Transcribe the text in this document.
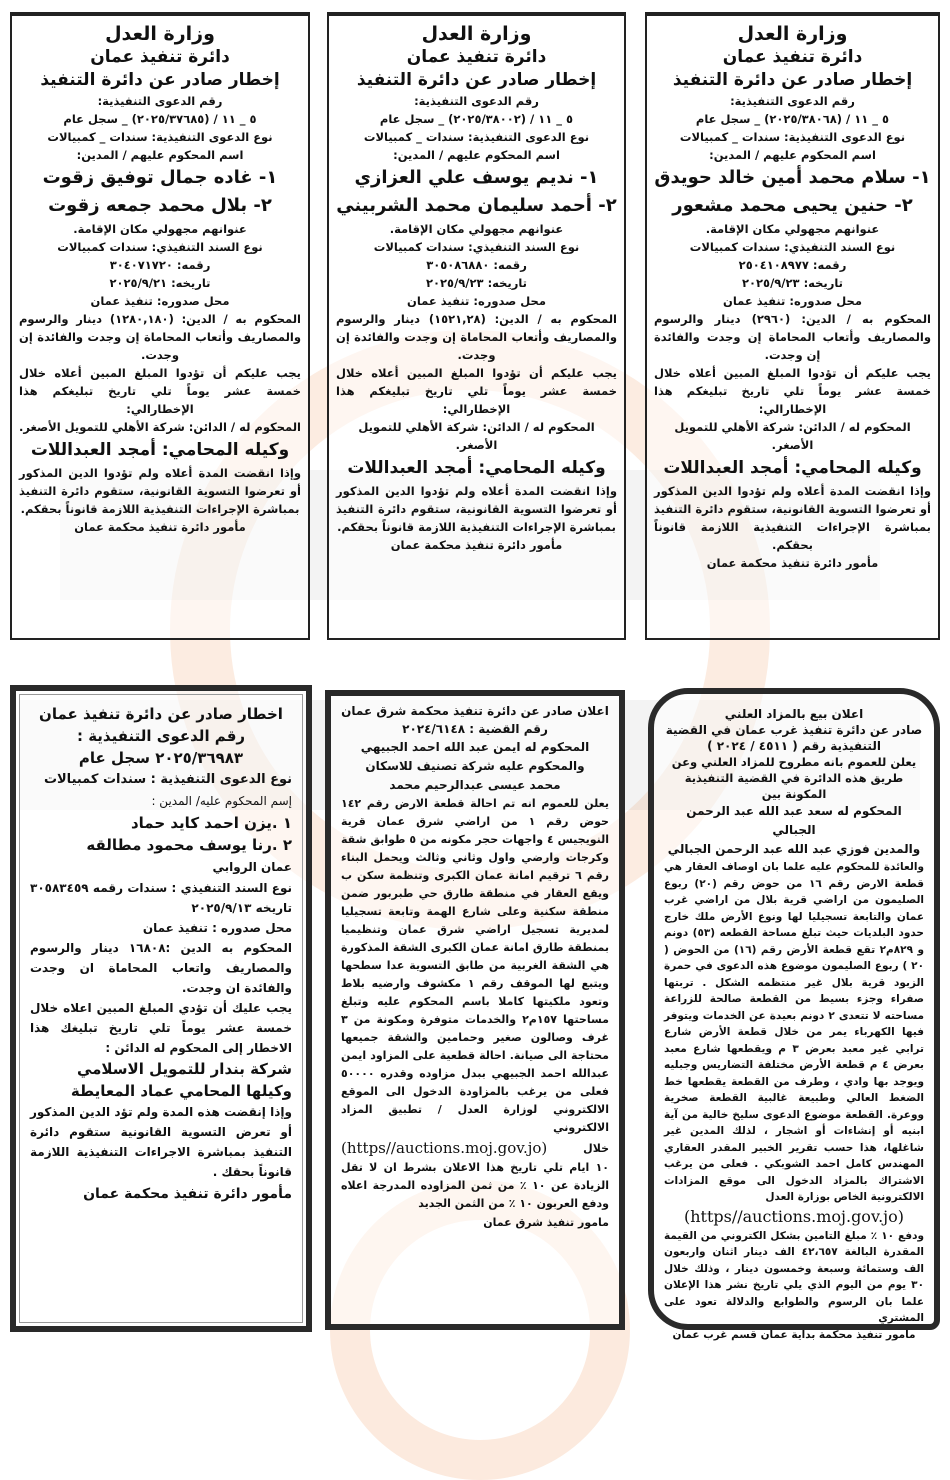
وزارة العدل
دائرة تنفيذ عمان
إخطار صادر عن دائرة التنفيذ
رقم الدعوى التنفيذية:
٥ _ ١١ / (٢٠٢٥/٣٧٦٨٥) _ سجل عام
نوع الدعوى التنفيذية: سندات _ كمبيالات
اسم المحكوم عليهم / المدين:
١- غاده جمال توفيق زقوت
٢- بلال محمد جمعه زقوت
عنوانهم مجهولي مكان الإقامة.
نوع السند التنفيذي: سندات كمبيالات
رقمه: ٣٠٤٠٧١٧٢٠
تاريخه: ٢٠٢٥/٩/٢١
محل صدوره: تنفيذ عمان
المحكوم به / الدين: (١٢٨٠,١٨٠) دينار والرسوم والمصاريف وأتعاب المحاماة إن وجدت والفائدة إن وجدت.
يجب عليكم أن تؤدوا المبلغ المبين أعلاه خلال خمسة عشر يوماً تلي تاريخ تبليغكم هذا الإخطارالي:
المحكوم له / الدائن: شركة الأهلي للتمويل الأصغر.
وكيله المحامي: أمجد العبداللات
وإذا انقضت المدة أعلاه ولم تؤدوا الدين المذكور أو تعرضوا التسوية القانونية، ستقوم دائرة التنفيذ بمباشرة الإجراءات التنفيذية اللازمة قانوناً بحقكم.
مأمور دائرة تنفيذ محكمة عمان
وزارة العدل
دائرة تنفيذ عمان
إخطار صادر عن دائرة التنفيذ
رقم الدعوى التنفيذية:
٥ _ ١١ / (٢٠٢٥/٣٨٠٠٢) _ سجل عام
نوع الدعوى التنفيذية: سندات _ كمبيالات
اسم المحكوم عليهم / المدين:
١- نديم يوسف علي العزازي
٢- أحمد سليمان محمد الشربيني
عنوانهم مجهولي مكان الإقامة.
نوع السند التنفيذي: سندات كمبيالات
رقمه: ٣٠٥٠٨٦٨٨٠
تاريخه: ٢٠٢٥/٩/٢٣
محل صدوره: تنفيذ عمان
المحكوم به / الدين: (١٥٢١,٢٨) دينار والرسوم والمصاريف وأتعاب المحاماة إن وجدت والفائدة إن وجدت.
يجب عليكم أن تؤدوا المبلغ المبين أعلاه خلال خمسة عشر يوماً تلي تاريخ تبليغكم هذا الإخطارالي:
المحكوم له / الدائن: شركة الأهلي للتمويل الأصغر.
وكيله المحامي: أمجد العبداللات
وإذا انقضت المدة أعلاه ولم تؤدوا الدين المذكور أو تعرضوا التسوية القانونية، ستقوم دائرة التنفيذ بمباشرة الإجراءات التنفيذية اللازمة قانوناً بحقكم.
مأمور دائرة تنفيذ محكمة عمان
وزارة العدل
دائرة تنفيذ عمان
إخطار صادر عن دائرة التنفيذ
رقم الدعوى التنفيذية:
٥ _ ١١ / (٢٠٢٥/٣٨٠٦٨) _ سجل عام
نوع الدعوى التنفيذية: سندات _ كمبيالات
اسم المحكوم عليهم / المدين:
١- سلام محمد أمين خالد حويدق
٢- حنين يحيى محمد مشعور
عنوانهم مجهولي مكان الإقامة.
نوع السند التنفيذي: سندات كمبيالات
رقمه: ٢٥٠٤١٠٨٩٧٧
تاريخه: ٢٠٢٥/٩/٢٣
محل صدوره: تنفيذ عمان
المحكوم به / الدين: (٢٩٦٠) دينار والرسوم والمصاريف وأتعاب المحاماة إن وجدت والفائدة إن وجدت.
يجب عليكم أن تؤدوا المبلغ المبين أعلاه خلال خمسة عشر يوماً تلي تاريخ تبليغكم هذا الإخطارالي:
المحكوم له / الدائن: شركة الأهلي للتمويل الأصغر.
وكيله المحامي: أمجد العبداللات
وإذا انقضت المدة أعلاه ولم تؤدوا الدين المذكور أو تعرضوا التسوية القانونية، ستقوم دائرة التنفيذ بمباشرة الإجراءات التنفيذية اللازمة قانوناً بحقكم.
مأمور دائرة تنفيذ محكمة عمان
اخطار صادر عن دائرة تنفيذ عمان
رقم الدعوى التنفيذية :
٢٠٢٥/٣٦٩٨٣ سجل عام
نوع الدعوى التنفيذية : سندات كمبيالات
إسم المحكوم عليه/ المدين :
١ .يزن احمد كايد حماد
٢ .رنا يوسف محمود مطالقه
عمان الروابي
نوع السند التنفيذي : سندات رقمه ٣٠٥٨٣٤٥٩ تاريخه ٢٠٢٥/٩/١٣
محل صدوره : تنفيذ عمان
المحكوم به الدين :١٦٨٠٨ دينار والرسوم والمصاريف واتعاب المحاماة ان وجدت والفائدة ان وجدت.
يجب عليك أن تؤدي المبلغ المبين اعلاه خلال خمسة عشر يوماً تلي تاريخ تبليغك هذا الاخطار إلى المحكوم له الدائن :
شركة بندار للتمويل الاسلامي
وكيلها المحامي عماد المعايطة
وإذا إنقضت هذه المدة ولم تؤد الدين المذكور أو تعرض التسوية القانونية ستقوم دائرة التنفيذ بمباشرة الاجراءات التنفيذية اللازمة قانوناً بحقك .
مأمور دائرة تنفيذ محكمة عمان
اعلان صادر عن دائرة تنفيذ محكمة شرق عمان
رقم القضية : ٢٠٢٤/٦١٤٨
المحكوم له ايمن عبد الله احمد الجبيهي
والمحكوم عليه شركة تصنيف للاسكان
محمد عيسى عبدالرحيم محمد
يعلن للعموم انه تم احالة قطعة الارض رقم ١٤٢ حوض رقم ١ من اراضي شرق عمان قرية النويجيس ٤ واجهات حجر مكونه من ٥ طوابق شقة وكرجات وارضي واول وثاني وثالث ويحمل البناء رقم ٦ ترقيم امانة عمان الكبرى وتنظمة سكن ب ويقع العقار في منطقة طارق حي طبربور ضمن منطقة سكنية وعلى شارع الهمة وتابعة تسجيليا لمديرية تسجيل اراضي شرق عمان وتنظيميا بمنطقة طارق امانة عمان الكبرى الشقة المذكورة هي الشقة الغربية من طابق التسوية عدا سطحها ويتبع لها الموقف رقم ١ مكشوف وارضيه بلاط وتعود ملكيتها كاملا باسم المحكوم عليه وتبلغ مساحتها ١٥٧م٢ والخدمات متوفرة ومكونة من ٣ غرف وصالون صغير وحمامين والشقة جميعها محتاجة الى صيانة. احالة قطعية على المزاود ايمن عبدالله احمد الجبيهي ببدل مزاوده وقدره ٥٠٠٠٠ فعلى من يرغب بالمزاودة الدخول الى الموقع الالكتروني لوزارة العدل / تطبيق المزاد الالكتروني
خلال
(https//auctions.moj.gov.jo)
١٠ ايام تلي تاريخ هذا الاعلان بشرط ان لا تقل الزيادة عن ١٠ ٪ من ثمن المزاوده المدرجة اعلاه ودفع العربون ١٠ ٪ من الثمن الجديد
مامور تنفيذ شرق عمان
اعلان بيع بالمزاد العلني
صادر عن دائرة تنفيذ غرب عمان في القضية التنفيذية رقم ( ٤٥١١ / ٢٠٢٤ )
يعلن للعموم بانه مطروح للمزاد العلني وعن طريق هذه الدائرة في القضية التنفيذية المكونة بين
المحكوم له سعد عبد الله عبد الرحمن الجبالي
والمدين فوزي عبد الله عبد الرحمن الجبالي
والعائدة للمحكوم عليه علما بان اوصاف العقار هي قطعة الارض رقم ١٦ من حوض رقم (٢٠) ربوع الصليمون من اراضي قرية بلال من اراضي غرب عمان والتابعة تسجيليا لها ونوع الأرض ملك خارج حدود البلديات حيث تبلغ مساحة القطعه (٥٣) دونم و ٨٢٩م٢ تقع قطعة الأرض رقم (١٦) من الحوض ( ٢٠ ) ربوع الصليمون موضوع هذه الدعوى في حمرة الزبود قرية بلال غير منتظمه الشكل . تربتها صفراء وجزء بسيط من القطعة صالحة للزراعة مساحته لا تتعدى ٢ دونم بعيدة عن الخدمات ويتوفر فيها الكهرباء يمر من خلال قطعة الأرض شارع ترابي غير معبد بعرض ٣ م ويقطعها شارع معبد بعرض ٤ م قطعة الأرض مختلفة التضاريس وجبليه ويوجد بها وادي ، وطرف من القطعة يقطعها خط الضغط العالي وطبيعة غالبية القطعة صخرية ووعرة. القطعة موضوع الدعوى سليخ خالية من آية ابنيه أو إنشاءات أو اشجار ، لذلك المدين غير شاغلها، هذا حسب تقرير الخبير المقدر العقاري المهندس كامل احمد الشوبكي . فعلى من يرغب الاشتراك بالمزاد الدخول الى موقع المزادات الالكترونية الخاص بوزارة العدل
(https//auctions.moj.gov.jo)
ودفع ١٠ ٪ مبلغ التامين بشكل الكتروني من القيمة المقدرة البالغة ٤٢،٦٥٧ الف دينار اثنان واربعون الف وستمائة وسبعة وخمسون دينار ، وذلك خلال ٣٠ يوم من اليوم الذي يلي تاريخ نشر هذا الإعلان علما بان الرسوم والطوابع والدلالة تعود على المشتري
مامور تنفيذ محكمة بداية عمان قسم غرب عمان
